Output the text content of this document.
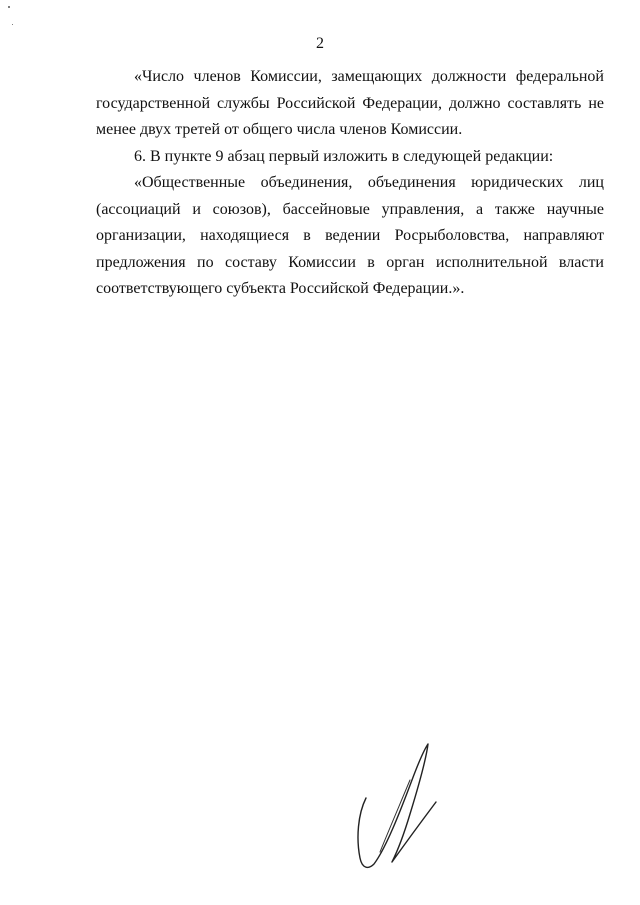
2

«Число членов Комиссии, замещающих должности федеральной государственной службы Российской Федерации, должно составлять не менее двух третей от общего числа членов Комиссии.

6. В пункте 9 абзац первый изложить в следующей редакции:

«Общественные объединения, объединения юридических лиц (ассоциаций и союзов), бассейновые управления, а также научные организации, находящиеся в ведении Росрыболовства, направляют предложения по составу Комиссии в орган исполнительной власти соответствующего субъекта Российской Федерации.».
